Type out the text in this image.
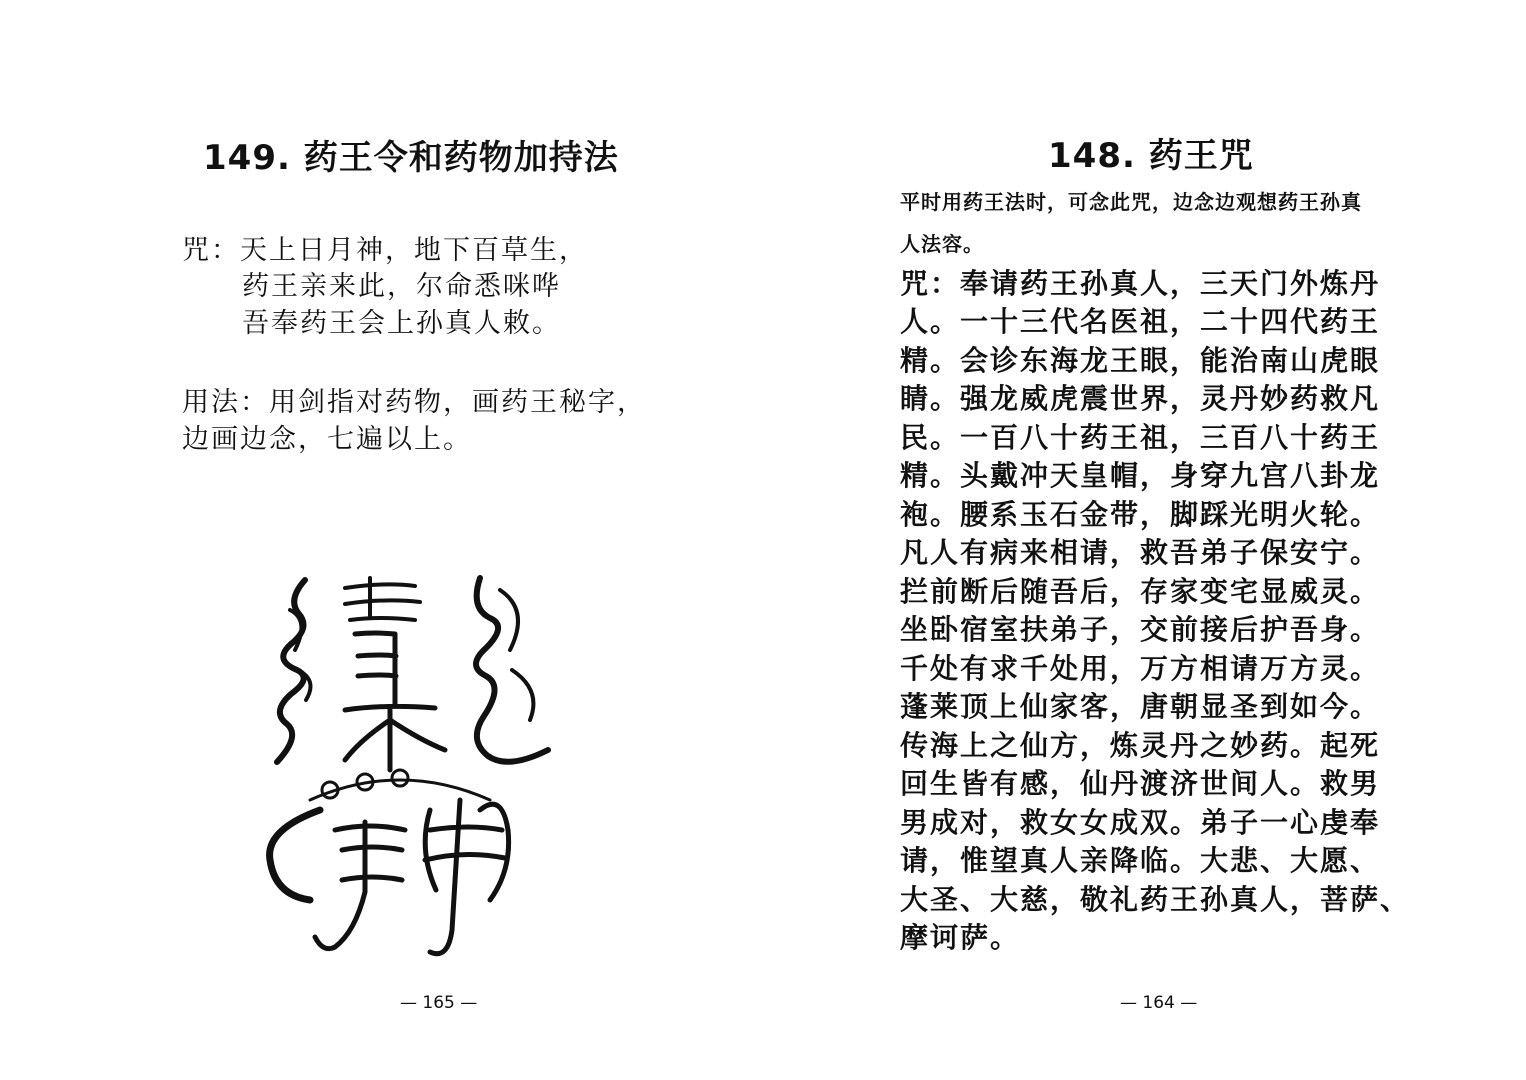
149. 药王令和药物加持法
咒：天上日月神，地下百草生，
药王亲来此，尔命悉咪哗
吾奉药王会上孙真人敕。
用法：用剑指对药物，画药王秘字，
边画边念，七遍以上。
— 165 —
148. 药王咒
平时用药王法时，可念此咒，边念边观想药王孙真
人法容。
咒：奉请药王孙真人，三天门外炼丹
人。一十三代名医祖，二十四代药王
精。会诊东海龙王眼，能治南山虎眼
睛。强龙威虎震世界，灵丹妙药救凡
民。一百八十药王祖，三百八十药王
精。头戴冲天皇帽，身穿九宫八卦龙
袍。腰系玉石金带，脚踩光明火轮。
凡人有病来相请，救吾弟子保安宁。
拦前断后随吾后，存家变宅显威灵。
坐卧宿室扶弟子，交前接后护吾身。
千处有求千处用，万方相请万方灵。
蓬莱顶上仙家客，唐朝显圣到如今。
传海上之仙方，炼灵丹之妙药。起死
回生皆有感，仙丹渡济世间人。救男
男成对，救女女成双。弟子一心虔奉
请，惟望真人亲降临。大悲、大愿、
大圣、大慈，敬礼药王孙真人，菩萨、
摩诃萨。
— 164 —
